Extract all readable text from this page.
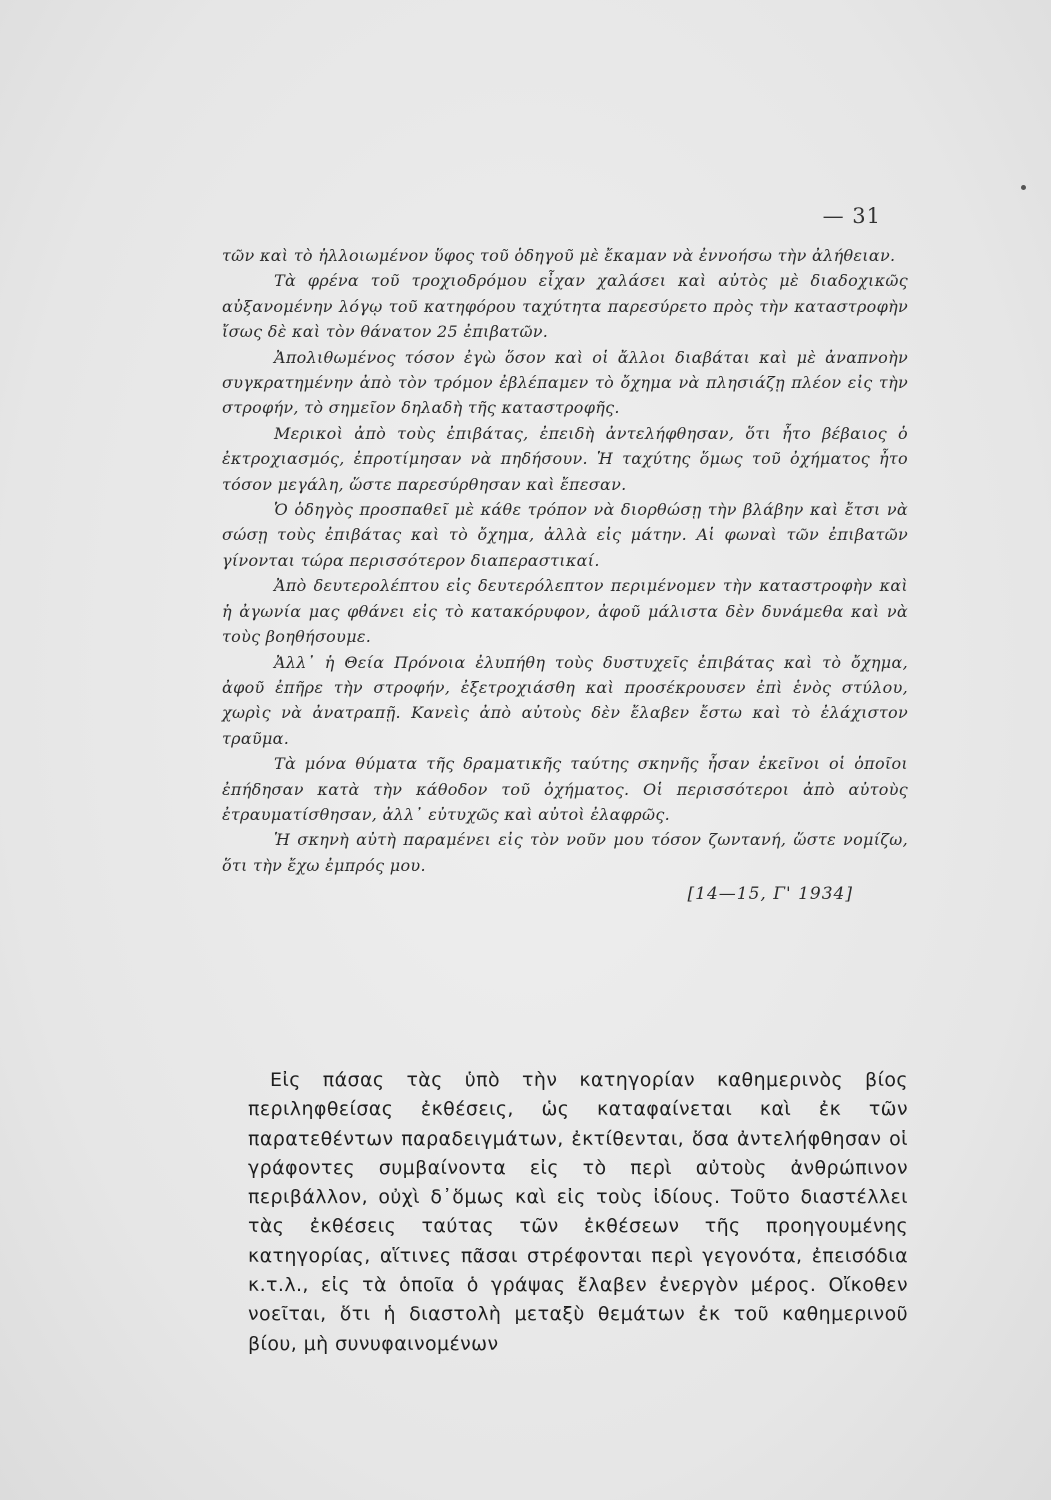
— 31

τῶν καὶ τὸ ἠλλοιωμένον ὕφος τοῦ ὁδηγοῦ μὲ ἔκαμαν νὰ ἐννοήσω τὴν ἀλήθειαν.

Τὰ φρένα τοῦ τροχιοδρόμου εἶχαν χαλάσει καὶ αὐτὸς μὲ διαδοχικῶς αὐξανομένην λόγῳ τοῦ κατηφόρου ταχύτητα παρεσύρετο πρὸς τὴν καταστροφὴν ἴσως δὲ καὶ τὸν θάνατον 25 ἐπιβατῶν.

Ἀπολιθωμένος τόσον ἐγὼ ὅσον καὶ οἱ ἄλλοι διαβάται καὶ μὲ ἀναπνοὴν συγκρατημένην ἀπὸ τὸν τρόμον ἐβλέπαμεν τὸ ὄχημα νὰ πλησιάζῃ πλέον εἰς τὴν στροφήν, τὸ σημεῖον δηλαδὴ τῆς καταστροφῆς.

Μερικοὶ ἀπὸ τοὺς ἐπιβάτας, ἐπειδὴ ἀντελήφθησαν, ὅτι ἦτο βέβαιος ὁ ἐκτροχιασμός, ἐπροτίμησαν νὰ πηδήσουν. Ἡ ταχύτης ὅμως τοῦ ὀχήματος ἦτο τόσον μεγάλη, ὥστε παρεσύρθησαν καὶ ἔπεσαν.

Ὁ ὁδηγὸς προσπαθεῖ μὲ κάθε τρόπον νὰ διορθώσῃ τὴν βλάβην καὶ ἔτσι νὰ σώσῃ τοὺς ἐπιβάτας καὶ τὸ ὄχημα, ἀλλὰ εἰς μάτην. Αἱ φωναὶ τῶν ἐπιβατῶν γίνονται τώρα περισσότερον διαπεραστικαί.

Ἀπὸ δευτερολέπτου εἰς δευτερόλεπτον περιμένομεν τὴν καταστροφὴν καὶ ἡ ἀγωνία μας φθάνει εἰς τὸ κατακόρυφον, ἀφοῦ μάλιστα δὲν δυνάμεθα καὶ νὰ τοὺς βοηθήσουμε.

Ἀλλ᾽ ἡ Θεία Πρόνοια ἐλυπήθη τοὺς δυστυχεῖς ἐπιβάτας καὶ τὸ ὄχημα, ἀφοῦ ἐπῆρε τὴν στροφήν, ἐξετροχιάσθη καὶ προσέκρουσεν ἐπὶ ἑνὸς στύλου, χωρὶς νὰ ἀνατραπῇ. Κανεὶς ἀπὸ αὐτοὺς δὲν ἔλαβεν ἔστω καὶ τὸ ἐλάχιστον τραῦμα.

Τὰ μόνα θύματα τῆς δραματικῆς ταύτης σκηνῆς ἦσαν ἐκεῖνοι οἱ ὁποῖοι ἐπήδησαν κατὰ τὴν κάθοδον τοῦ ὀχήματος. Οἱ περισσότεροι ἀπὸ αὐτοὺς ἐτραυματίσθησαν, ἀλλ᾽ εὐτυχῶς καὶ αὐτοὶ ἐλαφρῶς.

Ἡ σκηνὴ αὐτὴ παραμένει εἰς τὸν νοῦν μου τόσον ζωντανή, ὥστε νομίζω, ὅτι τὴν ἔχω ἐμπρός μου.

[14—15, Γ' 1934]

Εἰς πάσας τὰς ὑπὸ τὴν κατηγορίαν καθημερινὸς βίος περιληφθείσας ἐκθέσεις, ὡς καταφαίνεται καὶ ἐκ τῶν παρατεθέντων παραδειγμάτων, ἐκτίθενται, ὅσα ἀντελήφθησαν οἱ γράφοντες συμβαίνοντα εἰς τὸ περὶ αὐτοὺς ἀνθρώπινον περιβάλλον, οὐχὶ δ᾽ὅμως καὶ εἰς τοὺς ἰδίους. Τοῦτο διαστέλλει τὰς ἐκθέσεις ταύτας τῶν ἐκθέσεων τῆς προηγουμένης κατηγορίας, αἵτινες πᾶσαι στρέφονται περὶ γεγονότα, ἐπεισόδια κ.τ.λ., εἰς τὰ ὁποῖα ὁ γράψας ἔλαβεν ἐνεργὸν μέρος. Οἴκοθεν νοεῖται, ὅτι ἡ διαστολὴ μεταξὺ θεμάτων ἐκ τοῦ καθημερινοῦ βίου, μὴ συνυφαινομένων
